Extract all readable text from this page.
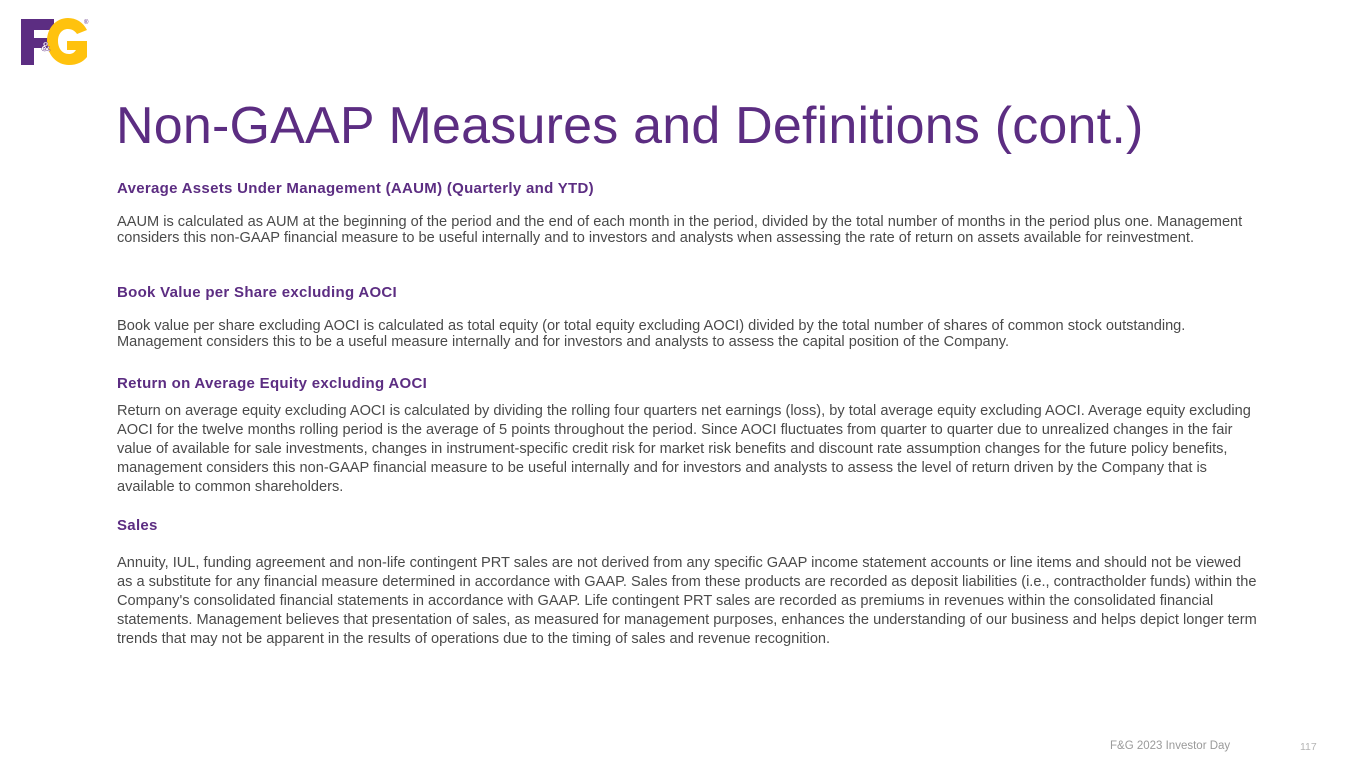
&
®
Non-GAAP Measures and Definitions (cont.)
Average Assets Under Management (AAUM) (Quarterly and YTD)

AAUM is calculated as AUM at the beginning of the period and the end of each month in the period, divided by the total number of months in the period plus one. Management considers this non-GAAP financial measure to be useful internally and to investors and analysts when assessing the rate of return on assets available for reinvestment.

Book Value per Share excluding AOCI

Book value per share excluding AOCI is calculated as total equity (or total equity excluding AOCI) divided by the total number of shares of common stock outstanding. Management considers this to be a useful measure internally and for investors and analysts to assess the capital position of the Company.

Return on Average Equity excluding AOCI

Return on average equity excluding AOCI is calculated by dividing the rolling four quarters net earnings (loss), by total average equity excluding AOCI. Average equity excluding AOCI for the twelve months rolling period is the average of 5 points throughout the period. Since AOCI fluctuates from quarter to quarter due to unrealized changes in the fair value of available for sale investments, changes in instrument-specific credit risk for market risk benefits and discount rate assumption changes for the future policy benefits, management considers this non-GAAP financial measure to be useful internally and for investors and analysts to assess the level of return driven by the Company that is available to common shareholders.

Sales

Annuity, IUL, funding agreement and non-life contingent PRT sales are not derived from any specific GAAP income statement accounts or line items and should not be viewed as a substitute for any financial measure determined in accordance with GAAP. Sales from these products are recorded as deposit liabilities (i.e., contractholder funds) within the Company's consolidated financial statements in accordance with GAAP. Life contingent PRT sales are recorded as premiums in revenues within the consolidated financial statements. Management believes that presentation of sales, as measured for management purposes, enhances the understanding of our business and helps depict longer term trends that may not be apparent in the results of operations due to the timing of sales and revenue recognition.

F&G 2023 Investor Day	117
